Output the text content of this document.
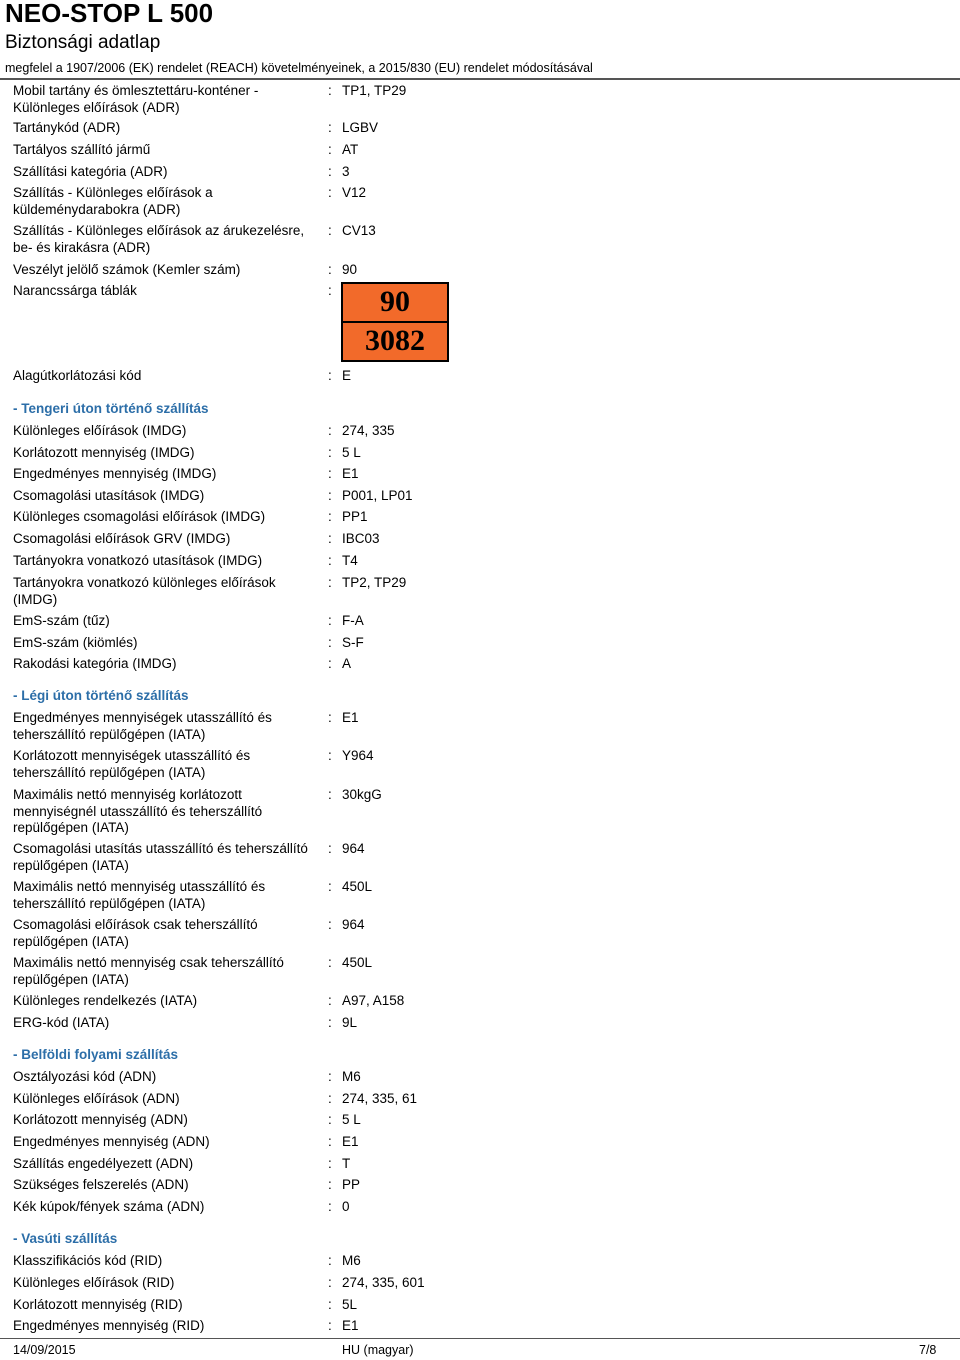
NEO-STOP L 500
Biztonsági adatlap
megfelel a 1907/2006 (EK) rendelet (REACH) követelményeinek, a 2015/830 (EU) rendelet módosításával
Mobil tartány és ömlesztettáru-konténer - Különleges előírások (ADR)
: TP1, TP29
Tartánykód (ADR)	: LGBV
Tartályos szállító jármű	: AT
Szállítási kategória (ADR)	: 3
Szállítás - Különleges előírások a küldeménydarabokra (ADR)
: V12
Szállítás - Különleges előírások az árukezelésre, be- és kirakásra (ADR)
: CV13
Veszélyt jelölő számok (Kemler szám)	: 90
Narancssárga táblák	:
Alagútkorlátozási kód	: E
- Tengeri úton történő szállítás
Különleges előírások (IMDG)	: 274, 335
Korlátozott mennyiség (IMDG)	: 5 L
Engedményes mennyiség (IMDG)	: E1
Csomagolási utasítások (IMDG)	: P001, LP01
Különleges csomagolási előírások (IMDG)	: PP1
Csomagolási előírások GRV (IMDG)	: IBC03
Tartányokra vonatkozó utasítások (IMDG)	: T4
Tartányokra vonatkozó különleges előírások (IMDG)
: TP2, TP29
EmS-szám (tűz)	: F-A
EmS-szám (kiömlés)	: S-F
Rakodási kategória (IMDG)	: A
- Légi úton történő szállítás
Engedményes mennyiségek utasszállító és teherszállító repülőgépen (IATA)
: E1
Korlátozott mennyiségek utasszállító és teherszállító repülőgépen (IATA)
: Y964
Maximális nettó mennyiség korlátozott mennyiségnél utasszállító és teherszállító repülőgépen (IATA)
: 30kgG
Csomagolási utasítás utasszállító és teherszállító repülőgépen (IATA)
: 964
Maximális nettó mennyiség utasszállító és teherszállító repülőgépen (IATA)
: 450L
Csomagolási előírások csak teherszállító repülőgépen (IATA)
: 964
Maximális nettó mennyiség csak teherszállító repülőgépen (IATA)
: 450L
Különleges rendelkezés (IATA)	: A97, A158
ERG-kód (IATA)	: 9L
- Belföldi folyami szállítás
Osztályozási kód (ADN)	: M6
Különleges előírások (ADN)	: 274, 335, 61
Korlátozott mennyiség (ADN)	: 5 L
Engedményes mennyiség (ADN)	: E1
Szállítás engedélyezett (ADN)	: T
Szükséges felszerelés (ADN)	: PP
Kék kúpok/fények száma (ADN)	: 0
- Vasúti szállítás
Klasszifikációs kód (RID)	: M6
Különleges előírások (RID)	: 274, 335, 601
Korlátozott mennyiség (RID)	: 5L
Engedményes mennyiség (RID)	: E1
90
3082
14/09/2015	HU (magyar)	7/8
